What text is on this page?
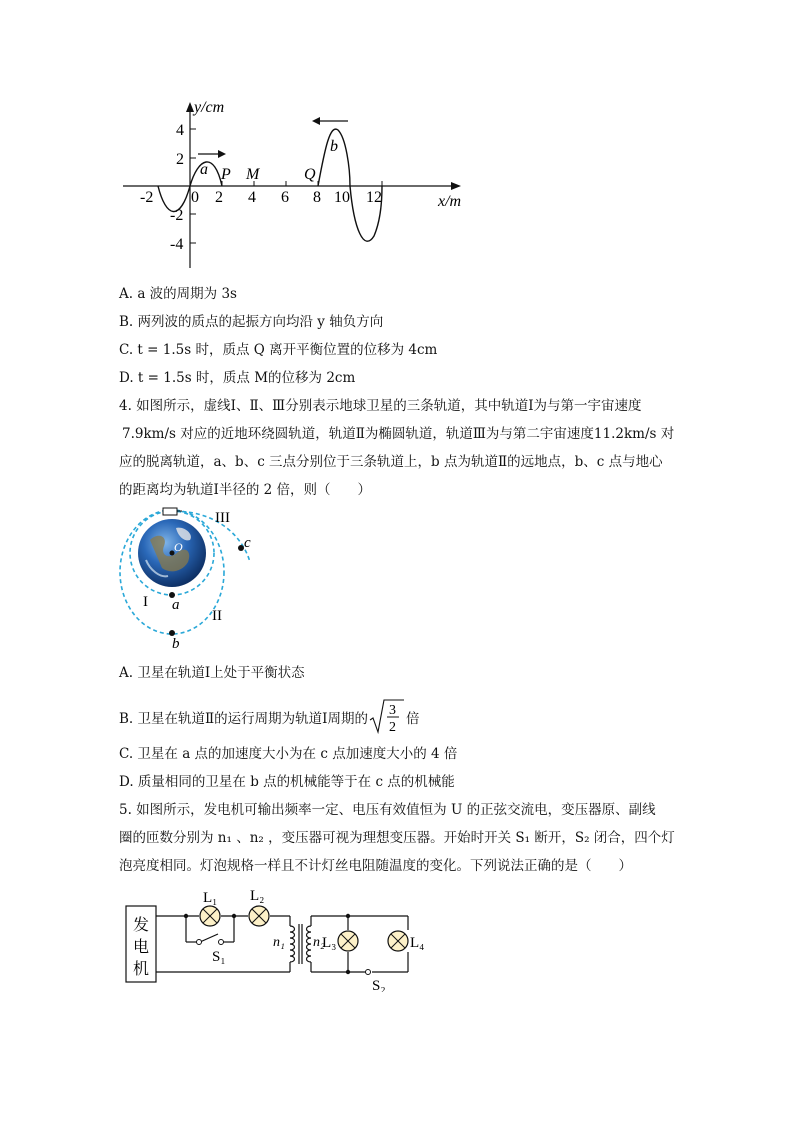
y/cm
x/m
-2 0 2 4 6 8 10 12
4
2
-2
-4
a
b
P M	Q
A. a 波的周期为 3s
B. 两列波的质点的起振方向均沿 y 轴负方向
C. t = 1.5s 时，质点 Q 离开平衡位置的位移为 4cm
D. t = 1.5s 时，质点 M的位移为 2cm
4. 如图所示，虚线Ⅰ、Ⅱ、Ⅲ分别表示地球卫星的三条轨道，其中轨道Ⅰ为与第一宇宙速度
7.9km/s 对应的近地环绕圆轨道，轨道Ⅱ为椭圆轨道，轨道Ⅲ为与第二宇宙速度11.2km/s 对
应的脱离轨道，a、b、c 三点分别位于三条轨道上，b 点为轨道Ⅱ的远地点，b、c 点与地心
的距离均为轨道Ⅰ半径的 2 倍，则（　　）
III
II
I a
b
c
O
A. 卫星在轨道Ⅰ上处于平衡状态
B. 卫星在轨道Ⅱ的运行周期为轨道Ⅰ周期的
3
2
倍
C. 卫星在 a 点的加速度大小为在 c 点加速度大小的 4 倍
D. 质量相同的卫星在 b 点的机械能等于在 c 点的机械能
5. 如图所示，发电机可输出频率一定、电压有效值恒为 U 的正弦交流电，变压器原、副线
圈的匝数分别为 n₁ 、n₂ ，变压器可视为理想变压器。开始时开关 S₁ 断开，S₂ 闭合，四个灯
泡亮度相同。灯泡规格一样且不计灯丝电阻随温度的变化。下列说法正确的是（　　）
发
电
机
L₁ L₂
L₃	L₄
S₁
S₂
n₁ n₂
